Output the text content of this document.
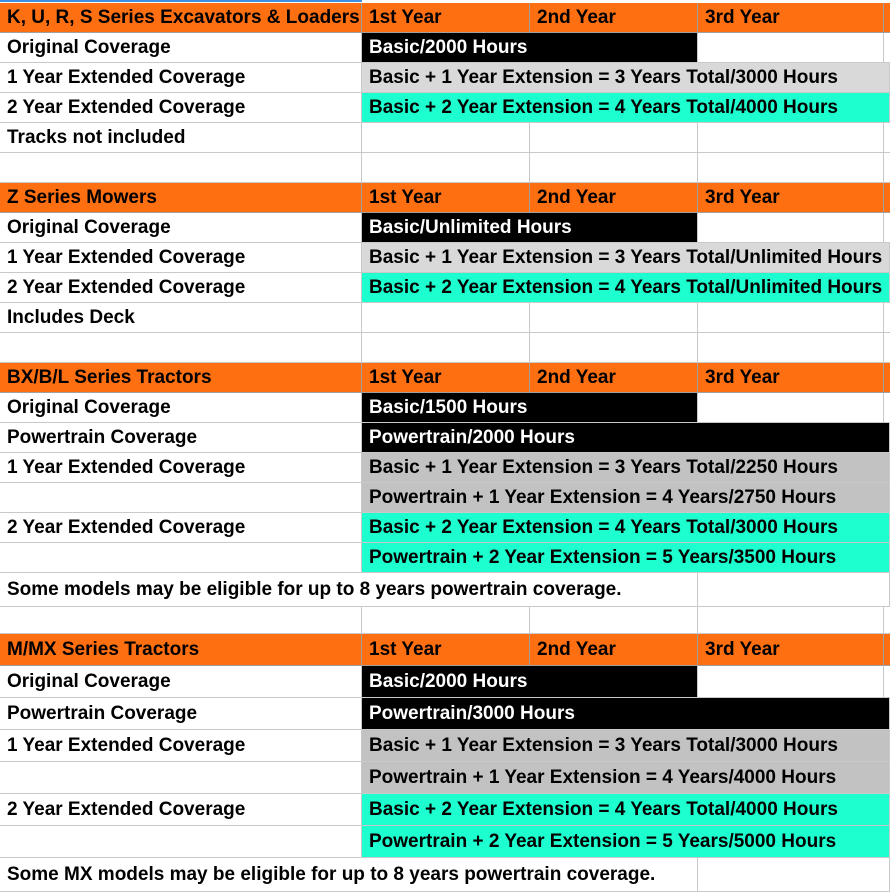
K, U, R, S Series Excavators & Loaders 1st Year	2nd Year	3rd Year
Original Coverage	Basic/2000 Hours
1 Year Extended Coverage	Basic + 1 Year Extension = 3 Years Total/3000 Hours
2 Year Extended Coverage	Basic + 2 Year Extension = 4 Years Total/4000 Hours
Tracks not included
Z Series Mowers	1st Year	2nd Year	3rd Year
Original Coverage	Basic/Unlimited Hours
1 Year Extended Coverage	Basic + 1 Year Extension = 3 Years Total/Unlimited Hours
2 Year Extended Coverage	Basic + 2 Year Extension = 4 Years Total/Unlimited Hours
Includes Deck
BX/B/L Series Tractors	1st Year	2nd Year	3rd Year
Original Coverage	Basic/1500 Hours
Powertrain Coverage	Powertrain/2000 Hours
1 Year Extended Coverage	Basic + 1 Year Extension = 3 Years Total/2250 Hours
Powertrain + 1 Year Extension = 4 Years/2750 Hours
2 Year Extended Coverage	Basic + 2 Year Extension = 4 Years Total/3000 Hours
Powertrain + 2 Year Extension = 5 Years/3500 Hours
Some models may be eligible for up to 8 years powertrain coverage.
M/MX Series Tractors	1st Year	2nd Year	3rd Year
Original Coverage	Basic/2000 Hours
Powertrain Coverage	Powertrain/3000 Hours
1 Year Extended Coverage	Basic + 1 Year Extension = 3 Years Total/3000 Hours
Powertrain + 1 Year Extension = 4 Years/4000 Hours
2 Year Extended Coverage	Basic + 2 Year Extension = 4 Years Total/4000 Hours
Powertrain + 2 Year Extension = 5 Years/5000 Hours
Some MX models may be eligible for up to 8 years powertrain coverage.
